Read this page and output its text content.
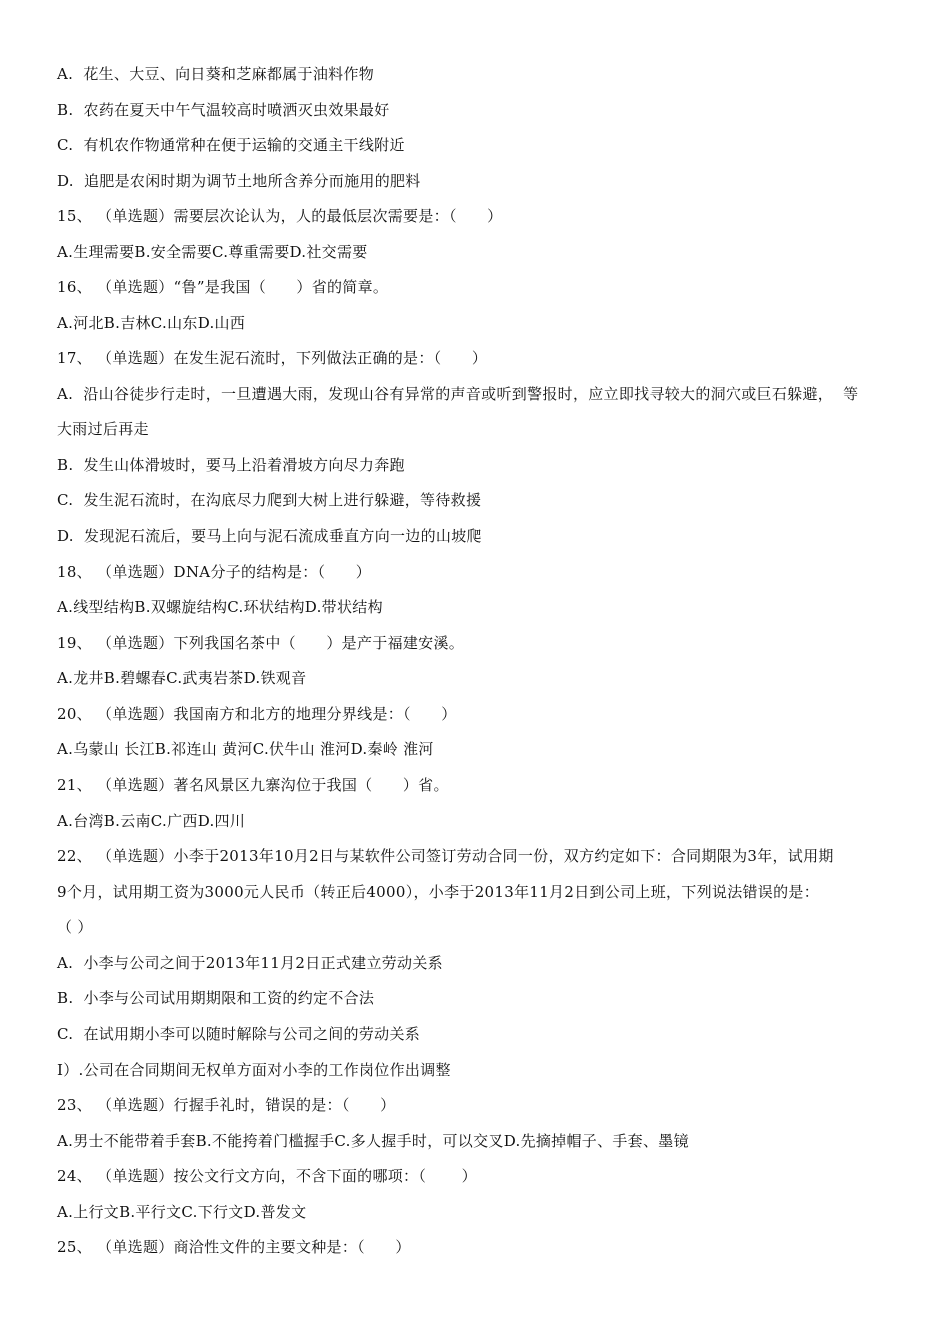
A.  花生、大豆、向日葵和芝麻都属于油料作物
B.  农药在夏天中午气温较高时喷洒灭虫效果最好
C.  有机农作物通常种在便于运输的交通主干线附近
D.  追肥是农闲时期为调节土地所含养分而施用的肥料
15、 （单选题）需要层次论认为，人的最低层次需要是：（      ）
A.生理需要B.安全需要C.尊重需要D.社交需要
16、 （单选题）“鲁”是我国（      ）省的简章。
A.河北B.吉林C.山东D.山西
17、 （单选题）在发生泥石流时，下列做法正确的是：（      ）
A.  沿山谷徒步行走时，一旦遭遇大雨，发现山谷有异常的声音或听到警报时，应立即找寻较大的洞穴或巨石躲避，  等
大雨过后再走
B.  发生山体滑坡时，要马上沿着滑坡方向尽力奔跑
C.  发生泥石流时，在沟底尽力爬到大树上进行躲避，等待救援
D.  发现泥石流后，要马上向与泥石流成垂直方向一边的山坡爬
18、 （单选题）DNA分子的结构是：（      ）
A.线型结构B.双螺旋结构C.环状结构D.带状结构
19、 （单选题）下列我国名茶中（      ）是产于福建安溪。
A.龙井B.碧螺春C.武夷岩茶D.铁观音
20、 （单选题）我国南方和北方的地理分界线是：（      ）
A.乌蒙山 长江B.祁连山 黄河C.伏牛山 淮河D.秦岭 淮河
21、 （单选题）著名风景区九寨沟位于我国（      ）省。
A.台湾B.云南C.广西D.四川
22、 （单选题）小李于2013年10月2日与某软件公司签订劳动合同一份，双方约定如下：合同期限为3年，试用期
9个月，试用期工资为3000元人民币（转正后4000），小李于2013年11月2日到公司上班，下列说法错误的是：
（ ）
A.  小李与公司之间于2013年11月2日正式建立劳动关系
B.  小李与公司试用期期限和工资的约定不合法
C.  在试用期小李可以随时解除与公司之间的劳动关系
I）.公司在合同期间无权单方面对小李的工作岗位作出调整
23、 （单选题）行握手礼时，错误的是：（      ）
A.男士不能带着手套B.不能挎着门槛握手C.多人握手时，可以交叉D.先摘掉帽子、手套、墨镜
24、 （单选题）按公文行文方向，不含下面的哪项：（       ）
A.上行文B.平行文C.下行文D.普发文
25、 （单选题）商洽性文件的主要文种是：（      ）
